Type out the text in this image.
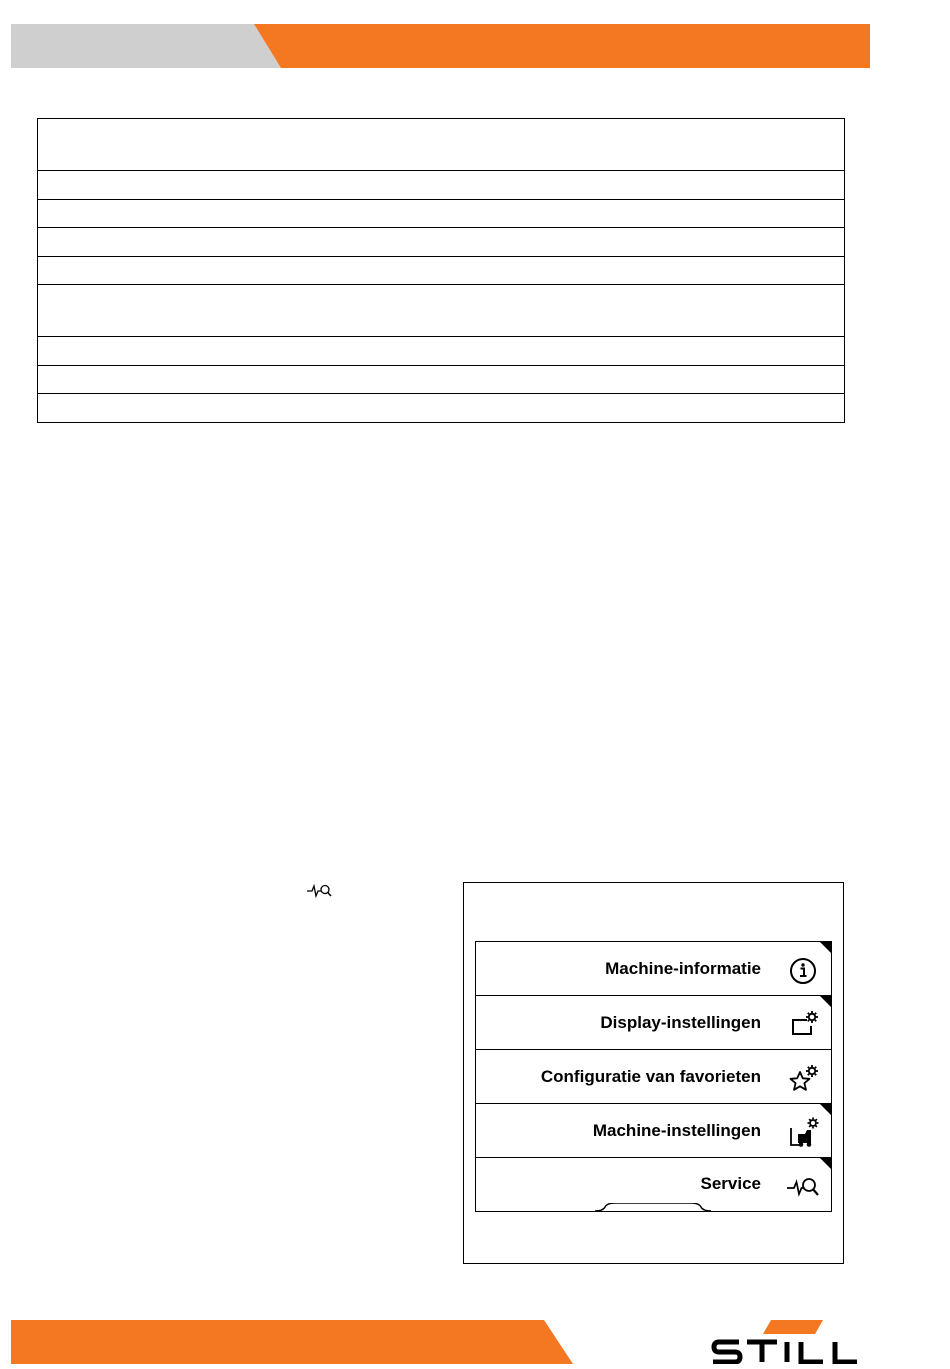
Machine-informatie
Display-instellingen
Configuratie van favorieten
Machine-instellingen
Service
